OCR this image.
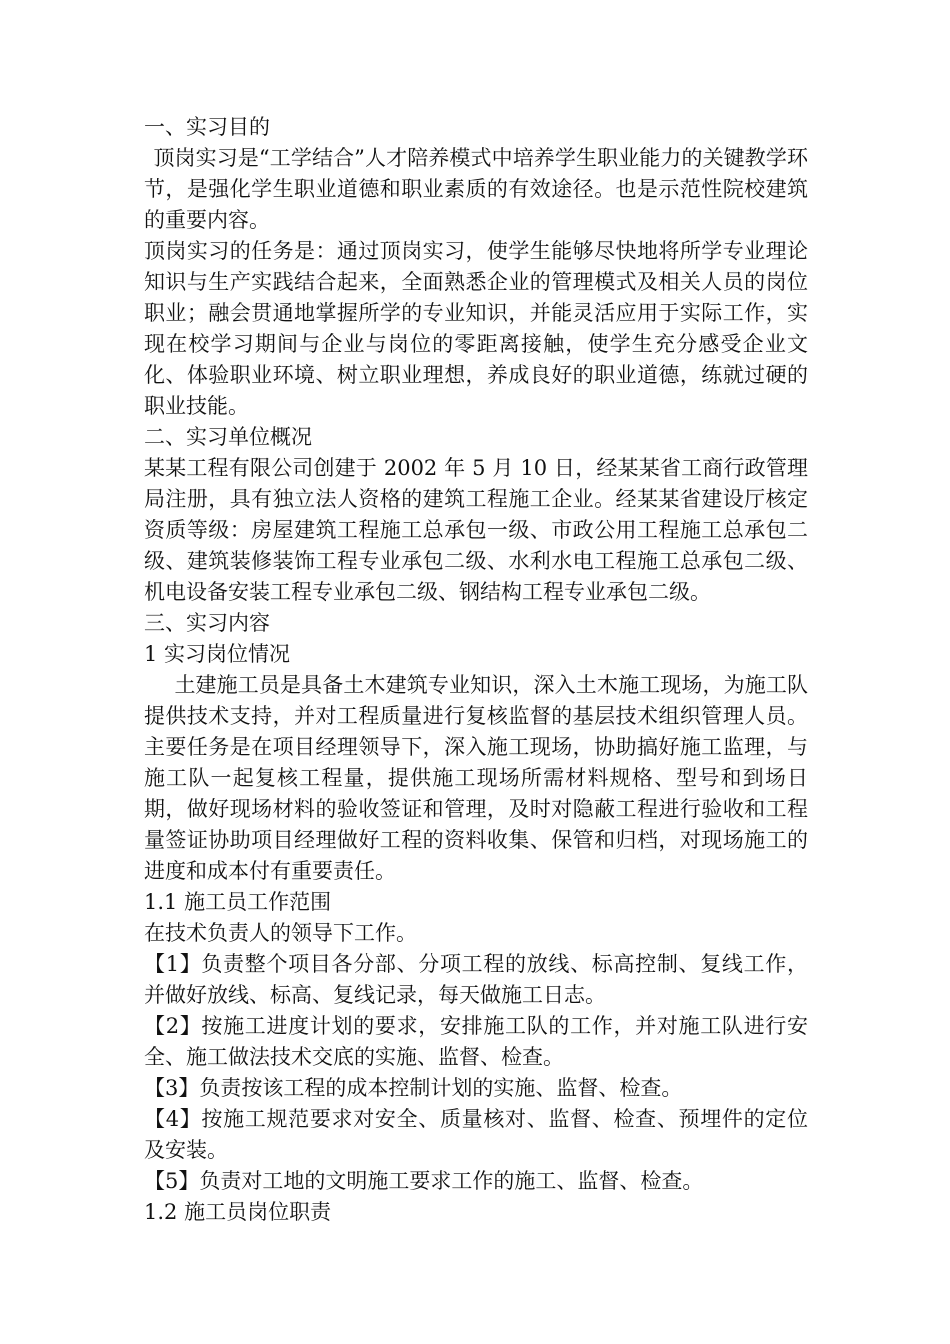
一、实习目的

顶岗实习是“工学结合”人才陪养模式中培养学生职业能力的关键教学环节，是强化学生职业道德和职业素质的有效途径。也是示范性院校建筑的重要内容。

顶岗实习的任务是：通过顶岗实习，使学生能够尽快地将所学专业理论知识与生产实践结合起来，全面熟悉企业的管理模式及相关人员的岗位职业；融会贯通地掌握所学的专业知识，并能灵活应用于实际工作，实现在校学习期间与企业与岗位的零距离接触，使学生充分感受企业文化、体验职业环境、树立职业理想，养成良好的职业道德，练就过硬的职业技能。

二、实习单位概况

某某工程有限公司创建于 2002 年 5 月 10 日，经某某省工商行政管理局注册，具有独立法人资格的建筑工程施工企业。经某某省建设厅核定资质等级：房屋建筑工程施工总承包一级、市政公用工程施工总承包二级、建筑装修装饰工程专业承包二级、水利水电工程施工总承包二级、机电设备安装工程专业承包二级、钢结构工程专业承包二级。

三、实习内容

1 实习岗位情况

土建施工员是具备土木建筑专业知识，深入土木施工现场，为施工队提供技术支持，并对工程质量进行复核监督的基层技术组织管理人员。主要任务是在项目经理领导下，深入施工现场，协助搞好施工监理，与施工队一起复核工程量，提供施工现场所需材料规格、型号和到场日期，做好现场材料的验收签证和管理，及时对隐蔽工程进行验收和工程量签证协助项目经理做好工程的资料收集、保管和归档，对现场施工的进度和成本付有重要责任。

1.1 施工员工作范围

在技术负责人的领导下工作。

【1】负责整个项目各分部、分项工程的放线、标高控制、复线工作，并做好放线、标高、复线记录，每天做施工日志。

【2】按施工进度计划的要求，安排施工队的工作，并对施工队进行安全、施工做法技术交底的实施、监督、检查。

【3】负责按该工程的成本控制计划的实施、监督、检查。

【4】按施工规范要求对安全、质量核对、监督、检查、预埋件的定位及安装。

【5】负责对工地的文明施工要求工作的施工、监督、检查。

1.2 施工员岗位职责
